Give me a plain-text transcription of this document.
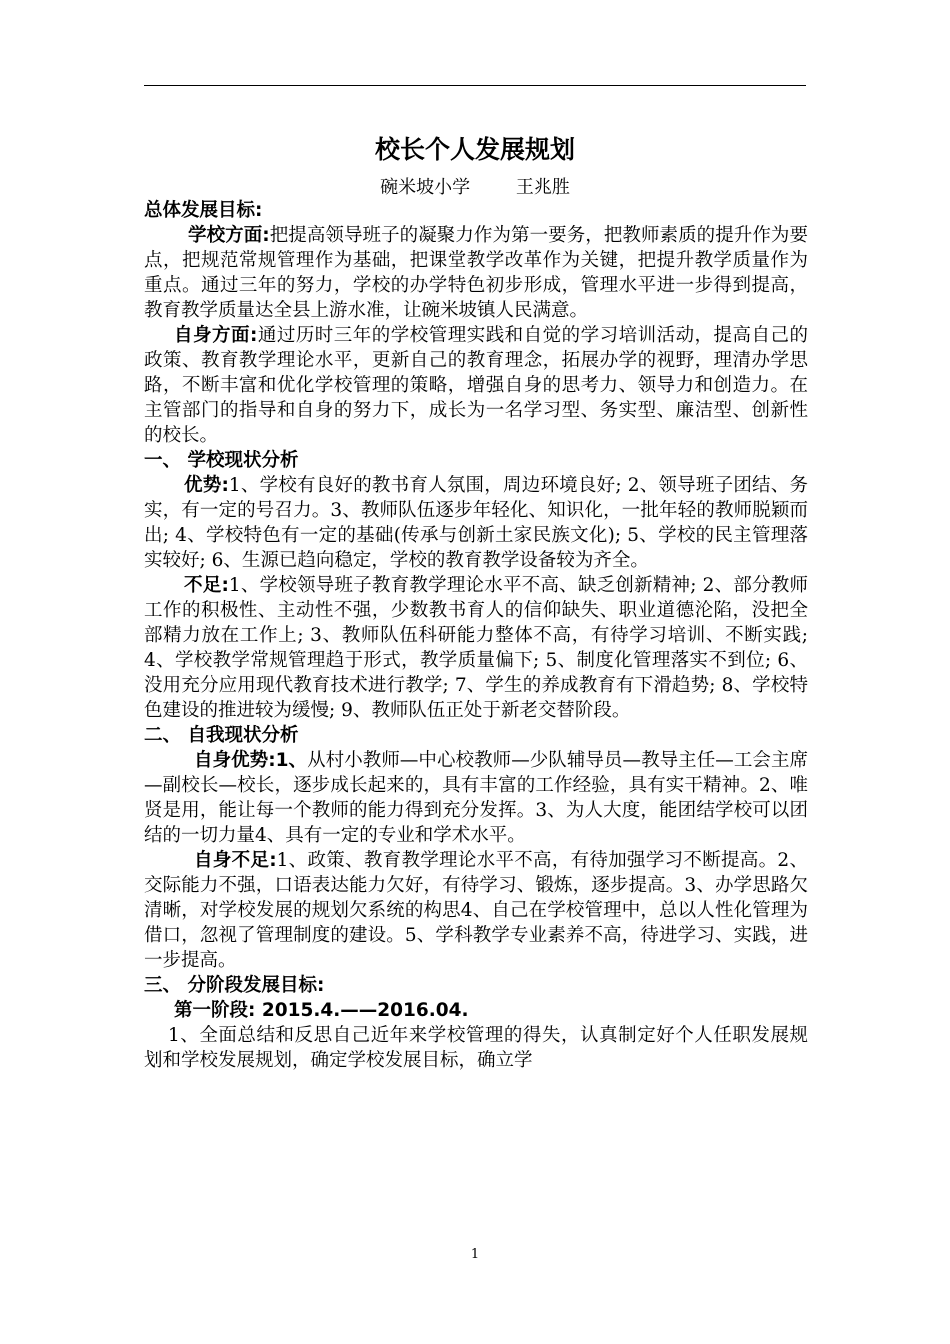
校长个人发展规划
碗米坡小学        王兆胜

总体发展目标:

学校方面:把提高领导班子的凝聚力作为第一要务，把教师素质的提升作为要点，把规范常规管理作为基础，把课堂教学改革作为关键，把提升教学质量作为重点。通过三年的努力，学校的办学特色初步形成，管理水平进一步得到提高，教育教学质量达全县上游水准，让碗米坡镇人民满意。

自身方面:通过历时三年的学校管理实践和自觉的学习培训活动，提高自己的政策、教育教学理论水平，更新自己的教育理念，拓展办学的视野，理清办学思路，不断丰富和优化学校管理的策略，增强自身的思考力、领导力和创造力。在主管部门的指导和自身的努力下，成长为一名学习型、务实型、廉洁型、创新性的校长。

一、 学校现状分析

优势:1、学校有良好的教书育人氛围，周边环境良好; 2、领导班子团结、务实，有一定的号召力。3、教师队伍逐步年轻化、知识化，一批年轻的教师脱颖而出; 4、学校特色有一定的基础(传承与创新土家民族文化); 5、学校的民主管理落实较好; 6、生源已趋向稳定，学校的教育教学设备较为齐全。

不足:1、学校领导班子教育教学理论水平不高、缺乏创新精神; 2、部分教师工作的积极性、主动性不强，少数教书育人的信仰缺失、职业道德沦陷，没把全部精力放在工作上; 3、教师队伍科研能力整体不高，有待学习培训、不断实践; 4、学校教学常规管理趋于形式，教学质量偏下; 5、制度化管理落实不到位; 6、没用充分应用现代教育技术进行教学; 7、学生的养成教育有下滑趋势; 8、学校特色建设的推进较为缓慢; 9、教师队伍正处于新老交替阶段。

二、 自我现状分析

自身优势:1、从村小教师—中心校教师—少队辅导员—教导主任—工会主席—副校长—校长，逐步成长起来的，具有丰富的工作经验，具有实干精神。2、唯贤是用，能让每一个教师的能力得到充分发挥。3、为人大度，能团结学校可以团结的一切力量4、具有一定的专业和学术水平。

自身不足:1、政策、教育教学理论水平不高，有待加强学习不断提高。2、交际能力不强，口语表达能力欠好，有待学习、锻炼，逐步提高。3、办学思路欠清晰，对学校发展的规划欠系统的构思4、自己在学校管理中，总以人性化管理为借口，忽视了管理制度的建设。5、学科教学专业素养不高，待进学习、实践，进一步提高。

三、 分阶段发展目标:

第一阶段: 2015.4.——2016.04.

1、全面总结和反思自己近年来学校管理的得失，认真制定好个人任职发展规划和学校发展规划，确定学校发展目标，确立学

1
